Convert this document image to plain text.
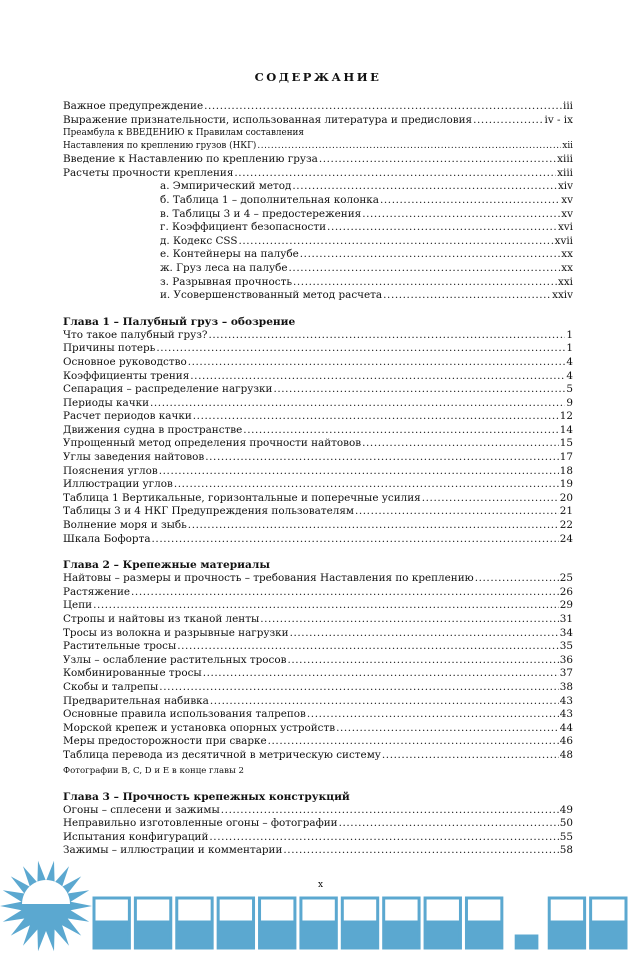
СОДЕРЖАНИЕ
Важное предупреждение .....	iii
Выражение признательности, использованная литература и предисловия .....	iv - ix
Преамбула к ВВЕДЕНИЮ к Правилам составления
Наставления по креплению грузов (НКГ) .....	xii
Введение к Наставлению по креплению груза .....	xiii
Расчеты прочности крепления .....	xiii
а. Эмпирический метод .....	xiv
б. Таблица 1 – дополнительная колонка .....	xv
в. Таблицы 3 и 4 – предостережения .....	xv
г. Коэффициент безопасности .....	xvi
д. Кодекс CSS .....	xvii
е. Контейнеры на палубе .....	xx
ж. Груз леса на палубе .....	xx
з. Разрывная прочность .....	xxi
и. Усовершенствованный метод расчета .....	xxiv
Глава 1 – Палубный груз – обозрение
Что такое палубный груз? .....	1
Причины потерь .....	1
Основное руководство .....	4
Коэффициенты трения .....	4
Сепарация – распределение нагрузки .....	5
Периоды качки .....	9
Расчет периодов качки .....	12
Движения судна в пространстве .....	14
Упрощенный метод определения прочности найтовов .....	15
Углы заведения найтовов .....	17
Пояснения углов .....	18
Иллюстрации углов .....	19
Таблица 1 Вертикальные, горизонтальные и поперечные усилия .....	20
Таблицы 3 и 4 НКГ Предупреждения пользователям .....	21
Волнение моря и зыбь .....	22
Шкала Бофорта .....	24
Глава 2 – Крепежные материалы
Найтовы – размеры и прочность – требования Наставления по креплению .....	25
Растяжение .....	26
Цепи .....	29
Стропы и найтовы из тканой ленты .....	31
Тросы из волокна и разрывные нагрузки .....	34
Растительные тросы .....	35
Узлы – ослабление растительных тросов .....	36
Комбинированные тросы .....	37
Скобы и талрепы .....	38
Предварительная набивка .....	43
Основные правила использования талрепов .....	43
Морской крепеж и установка опорных устройств .....	44
Меры предосторожности при сварке .....	46
Таблица перевода из десятичной в метрическую систему .....	48
Фотографии B, C, D и E в конце главы 2
Глава 3 – Прочность крепежных конструкций
Огоны – сплесени и зажимы .....	49
Неправильно изготовленные огоны – фотографии .....	50
Испытания конфигураций .....	55
Зажимы – иллюстрации и комментарии .....	58
x
